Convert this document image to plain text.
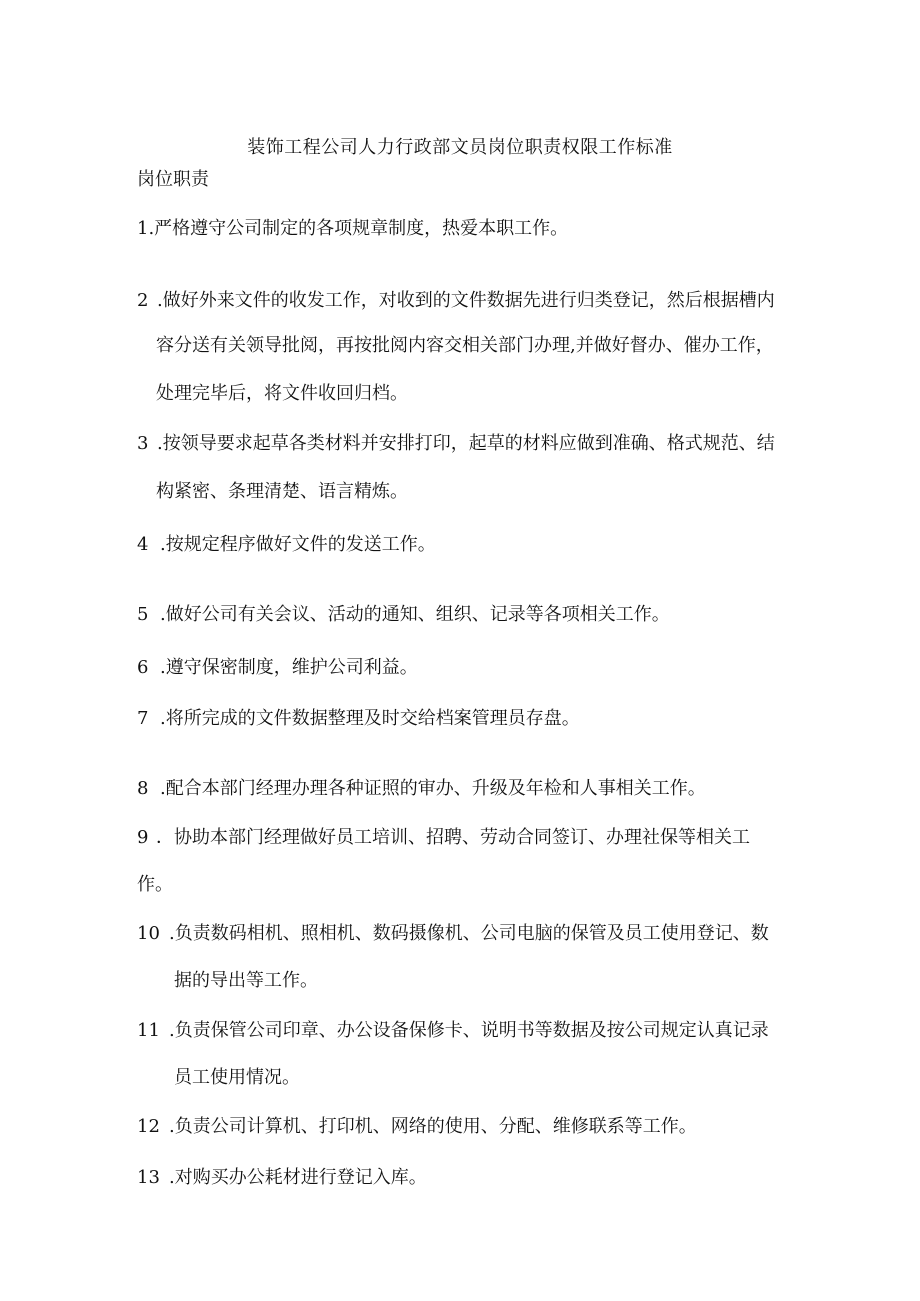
装饰工程公司人力行政部文员岗位职责权限工作标准
岗位职责
1.严格遵守公司制定的各项规章制度，热爱本职工作。
2 .做好外来文件的收发工作，对收到的文件数据先进行归类登记，然后根据槽内
容分送有关领导批阅，再按批阅内容交相关部门办理,并做好督办、催办工作，
处理完毕后，将文件收回归档。
3 .按领导要求起草各类材料并安排打印，起草的材料应做到准确、格式规范、结
构紧密、条理清楚、语言精炼。
4 .按规定程序做好文件的发送工作。
5 .做好公司有关会议、活动的通知、组织、记录等各项相关工作。
6 .遵守保密制度，维护公司利益。
7 .将所完成的文件数据整理及时交给档案管理员存盘。
8 .配合本部门经理办理各种证照的审办、升级及年检和人事相关工作。
9 ．协助本部门经理做好员工培训、招聘、劳动合同签订、办理社保等相关工
作。
10 .负责数码相机、照相机、数码摄像机、公司电脑的保管及员工使用登记、数
据的导出等工作。
11 .负责保管公司印章、办公设备保修卡、说明书等数据及按公司规定认真记录
员工使用情况。
12 .负责公司计算机、打印机、网络的使用、分配、维修联系等工作。
13 .对购买办公耗材进行登记入库。
